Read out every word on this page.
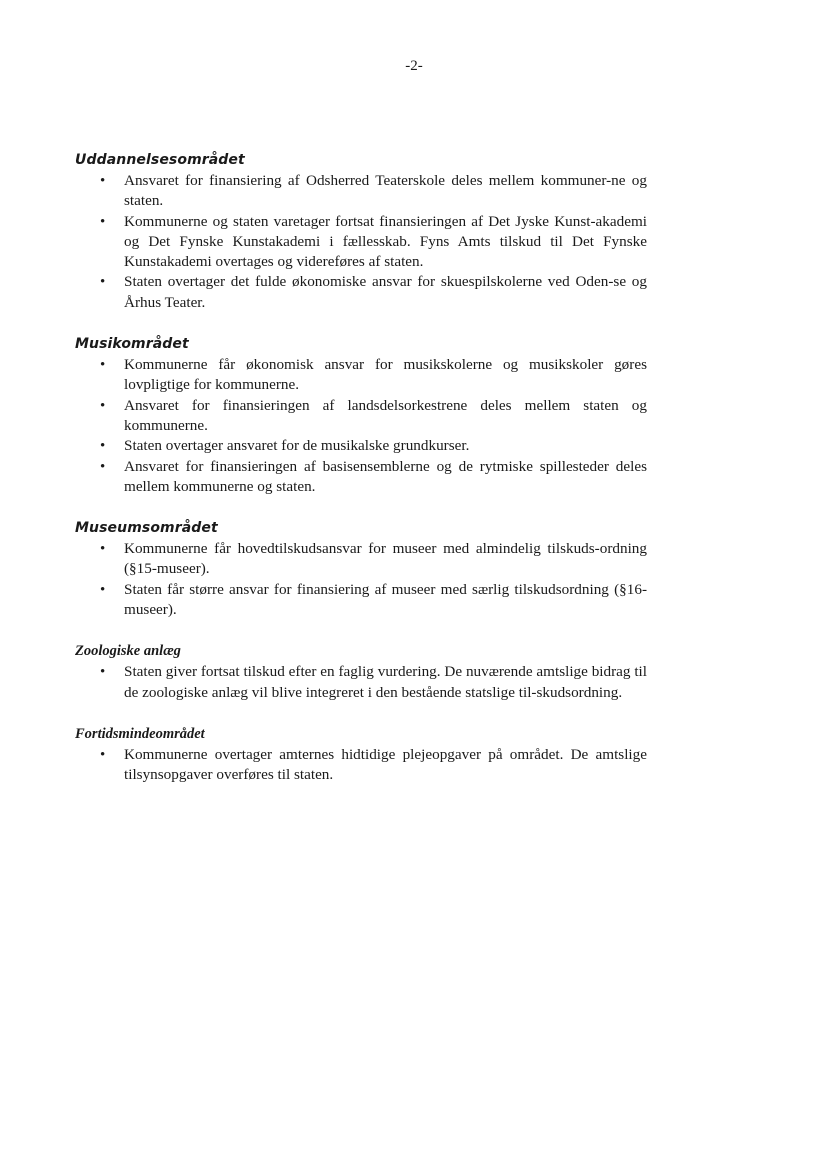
-2-
Uddannelsesområdet
• Ansvaret for finansiering af Odsherred Teaterskole deles mellem kommuner-ne og staten.
• Kommunerne og staten varetager fortsat finansieringen af Det Jyske Kunst-akademi og Det Fynske Kunstakademi i fællesskab. Fyns Amts tilskud til Det Fynske Kunstakademi overtages og videreføres af staten.
• Staten overtager det fulde økonomiske ansvar for skuespilskolerne ved Oden-se og Århus Teater.
Musikområdet
• Kommunerne får økonomisk ansvar for musikskolerne og musikskoler gøres lovpligtige for kommunerne.
• Ansvaret for finansieringen af landsdelsorkestrene deles mellem staten og kommunerne.
• Staten overtager ansvaret for de musikalske grundkurser.
• Ansvaret for finansieringen af basisensemblerne og de rytmiske spillesteder deles mellem kommunerne og staten.
Museumsområdet
• Kommunerne får hovedtilskudsansvar for museer med almindelig tilskuds-ordning (§15-museer).
• Staten får større ansvar for finansiering af museer med særlig tilskudsordning (§16-museer).
Zoologiske anlæg
• Staten giver fortsat tilskud efter en faglig vurdering. De nuværende amtslige bidrag til de zoologiske anlæg vil blive integreret i den bestående statslige til-skudsordning.
Fortidsmindeområdet
• Kommunerne overtager amternes hidtidige plejeopgaver på området. De amtslige tilsynsopgaver overføres til staten.
